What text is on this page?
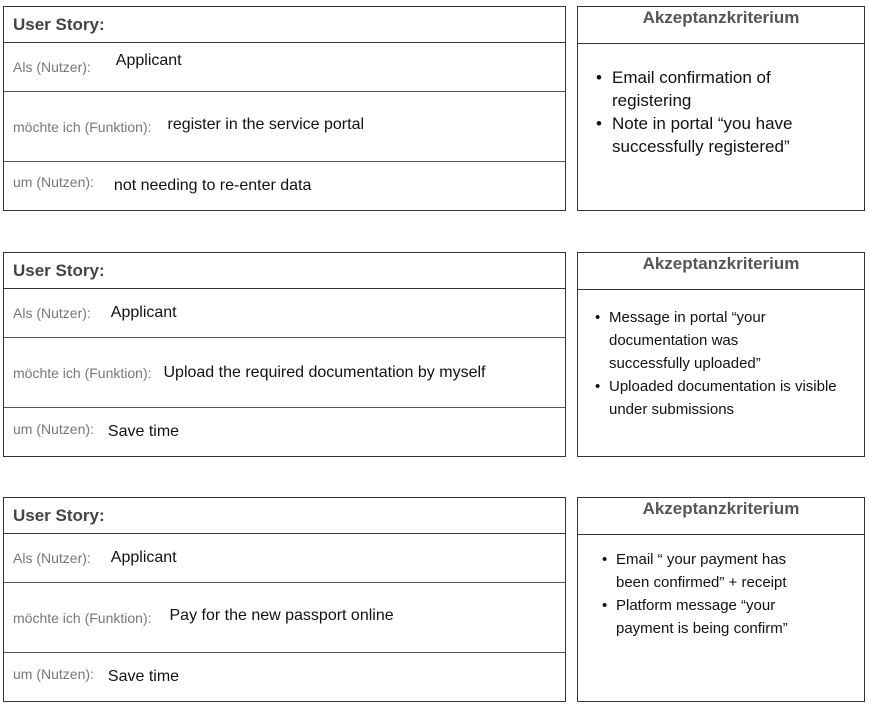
User Story:
Als (Nutzer): Applicant
möchte ich (Funktion): register in the service portal
um (Nutzen): not needing to re-enter data
Akzeptanzkriterium
• Email confirmation of registering
• Note in portal “you have successfully registered”
User Story:
Als (Nutzer): Applicant
möchte ich (Funktion): Upload the required documentation by myself
um (Nutzen): Save time
Akzeptanzkriterium
• Message in portal “your documentation was successfully uploaded”
• Uploaded documentation is visible under submissions
User Story:
Als (Nutzer): Applicant
möchte ich (Funktion): Pay for the new passport online
um (Nutzen): Save time
Akzeptanzkriterium
• Email “ your payment has been confirmed” + receipt
• Platform message “your payment is being confirm”
